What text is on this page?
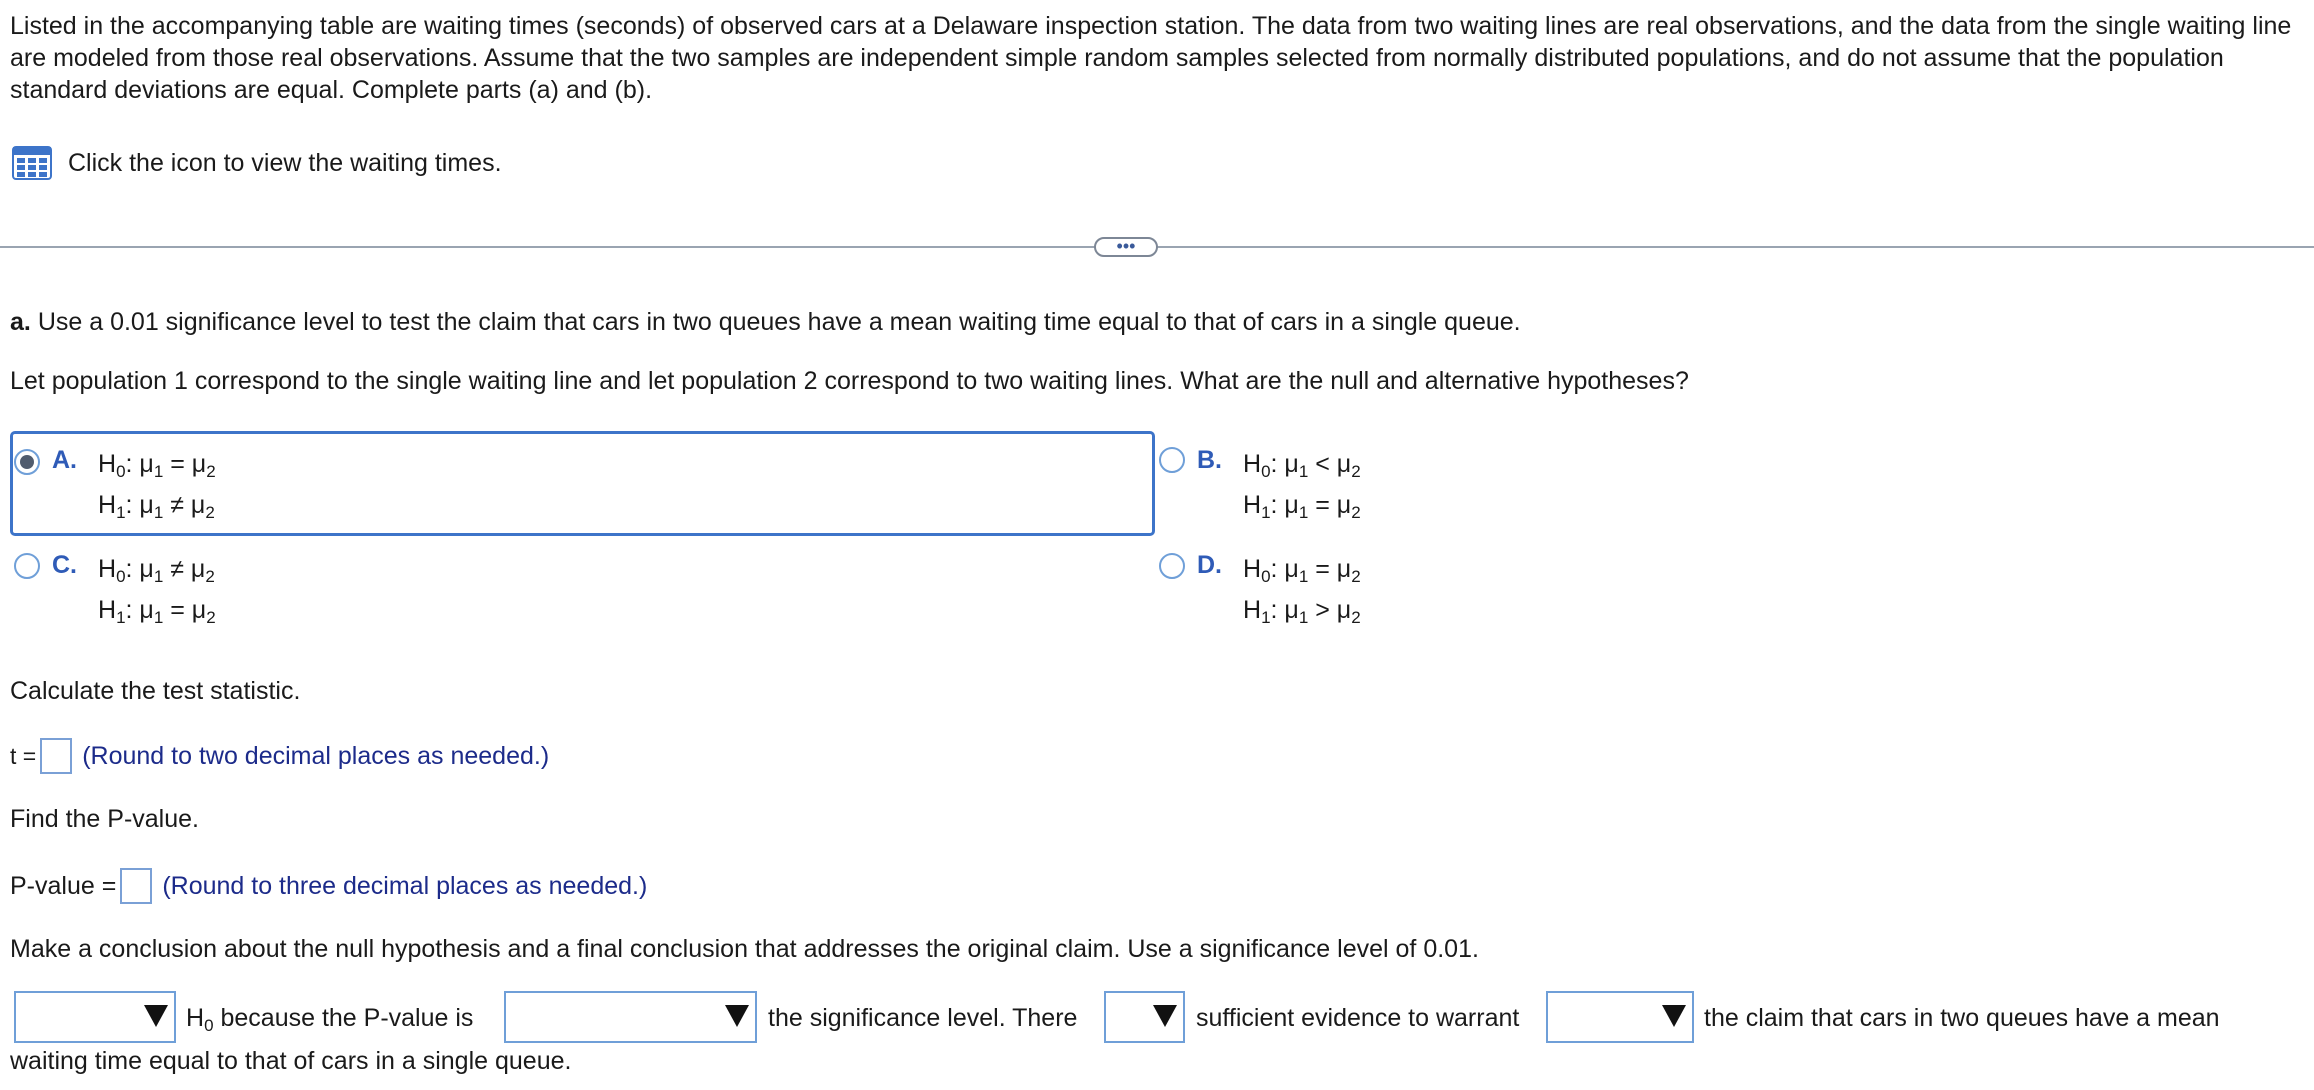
Listed in the accompanying table are waiting times (seconds) of observed cars at a Delaware inspection station. The data from two waiting lines are real observations, and the data from the single waiting line are modeled from those real observations. Assume that the two samples are independent simple random samples selected from normally distributed populations, and do not assume that the population standard deviations are equal. Complete parts (a) and (b).

Click the icon to view the waiting times.
•••
a. Use a 0.01 significance level to test the claim that cars in two queues have a mean waiting time equal to that of cars in a single queue.
Let population 1 correspond to the single waiting line and let population 2 correspond to two waiting lines. What are the null and alternative hypotheses?
A. $H_0$: $\mu_1 = \mu_2$
$H_1$: $\mu_1 \ne \mu_2$
B. $H_0$: $\mu_1 < \mu_2$
$H_1$: $\mu_1 = \mu_2$
C. $H_0$: $\mu_1 \ne \mu_2$
$H_1$: $\mu_1 = \mu_2$
D. $H_0$: $\mu_1 = \mu_2$
$H_1$: $\mu_1 > \mu_2$
Calculate the test statistic.
t = (Round to two decimal places as needed.)
Find the P-value.
P-value = (Round to three decimal places as needed.)
Make a conclusion about the null hypothesis and a final conclusion that addresses the original claim. Use a significance level of 0.01.
$H_0$ because the P-value is	the significance level. There	sufficient evidence to warrant	the claim that cars in two queues have a mean
waiting time equal to that of cars in a single queue.
